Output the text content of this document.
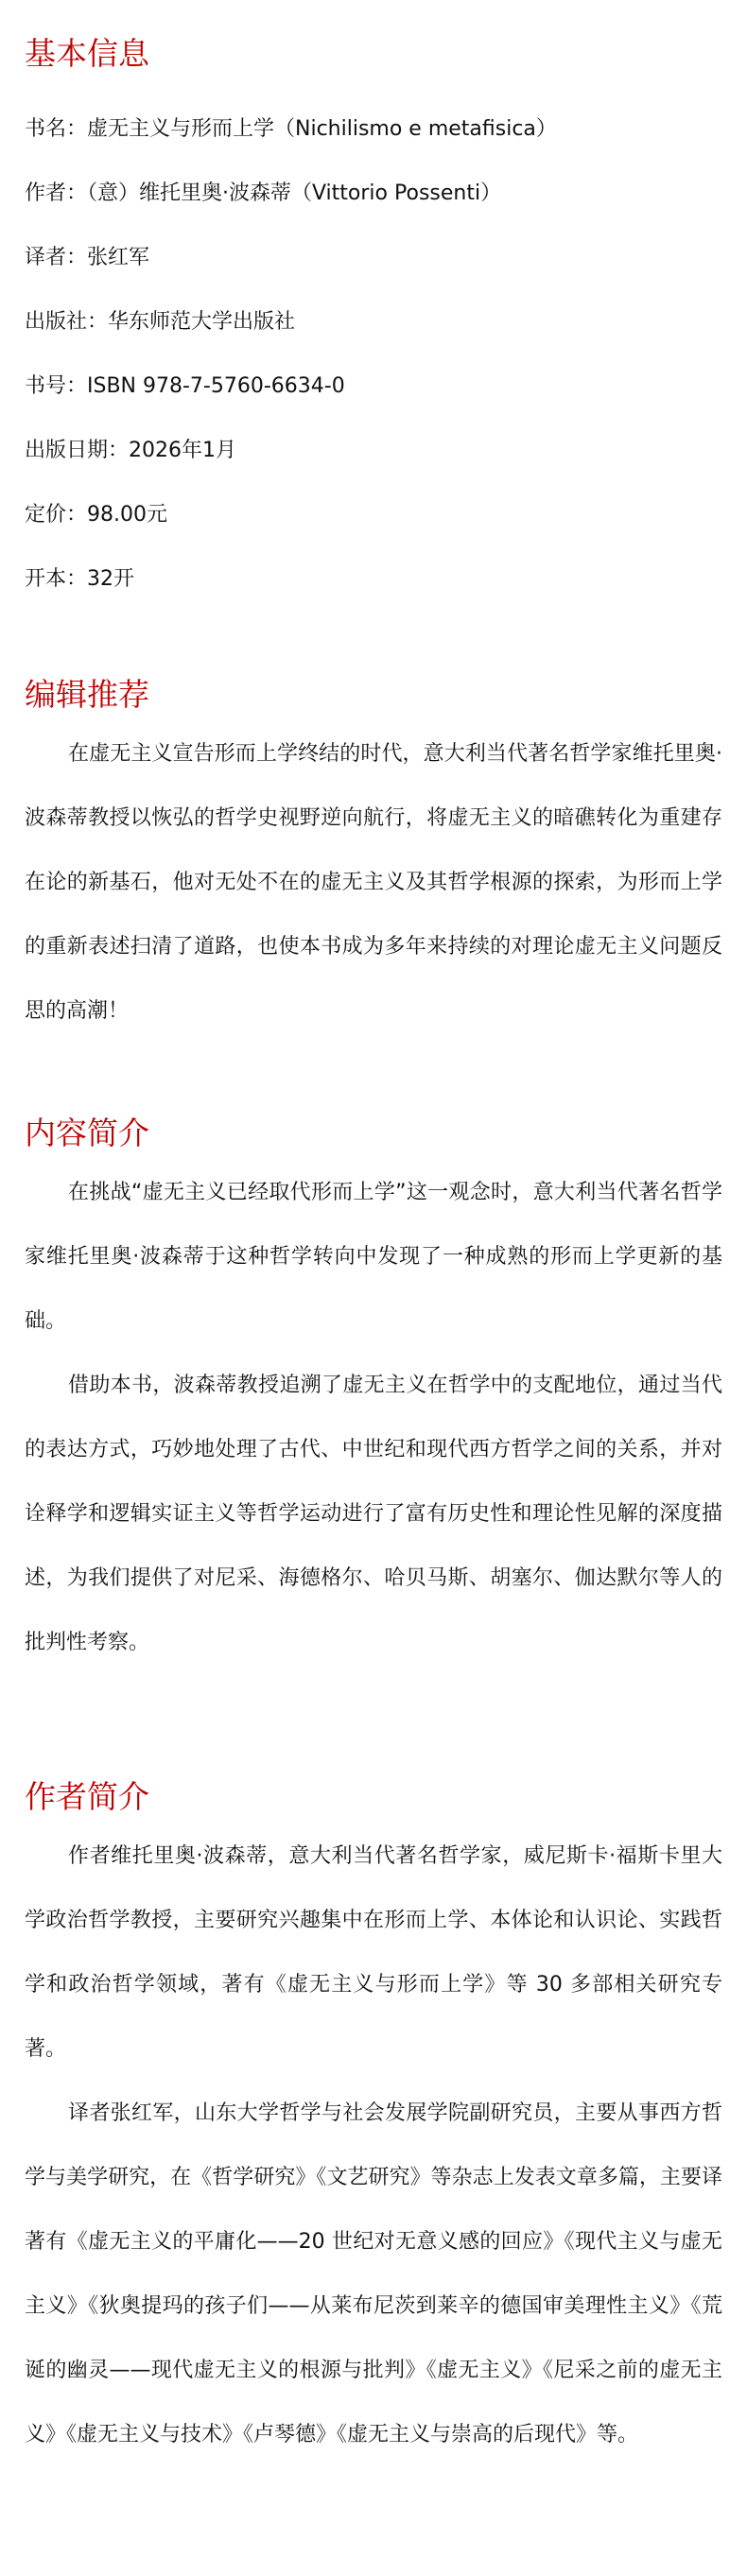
基本信息

书名：虚无主义与形而上学（Nichilismo e metafisica）

作者：（意）维托里奥·波森蒂（Vittorio Possenti）

译者：张红军

出版社：华东师范大学出版社

书号：ISBN 978-7-5760-6634-0

出版日期：2026年1月

定价：98.00元

开本：32开

编辑推荐

在虚无主义宣告形而上学终结的时代，意大利当代著名哲学家维托里奥·波森蒂教授以恢弘的哲学史视野逆向航行，将虚无主义的暗礁转化为重建存在论的新基石，他对无处不在的虚无主义及其哲学根源的探索，为形而上学的重新表述扫清了道路，也使本书成为多年来持续的对理论虚无主义问题反思的高潮！

内容简介

在挑战“虚无主义已经取代形而上学”这一观念时，意大利当代著名哲学家维托里奥·波森蒂于这种哲学转向中发现了一种成熟的形而上学更新的基础。

借助本书，波森蒂教授追溯了虚无主义在哲学中的支配地位，通过当代的表达方式，巧妙地处理了古代、中世纪和现代西方哲学之间的关系，并对诠释学和逻辑实证主义等哲学运动进行了富有历史性和理论性见解的深度描述，为我们提供了对尼采、海德格尔、哈贝马斯、胡塞尔、伽达默尔等人的批判性考察。

作者简介

作者维托里奥·波森蒂，意大利当代著名哲学家，威尼斯卡·福斯卡里大学政治哲学教授，主要研究兴趣集中在形而上学、本体论和认识论、实践哲学和政治哲学领域，著有《虚无主义与形而上学》等 30 多部相关研究专著。

译者张红军，山东大学哲学与社会发展学院副研究员，主要从事西方哲学与美学研究，在《哲学研究》《文艺研究》等杂志上发表文章多篇，主要译著有《虚无主义的平庸化——20 世纪对无意义感的回应》《现代主义与虚无主义》《狄奥提玛的孩子们——从莱布尼茨到莱辛的德国审美理性主义》《荒诞的幽灵——现代虚无主义的根源与批判》《虚无主义》《尼采之前的虚无主义》《虚无主义与技术》《卢琴德》《虚无主义与崇高的后现代》等。
